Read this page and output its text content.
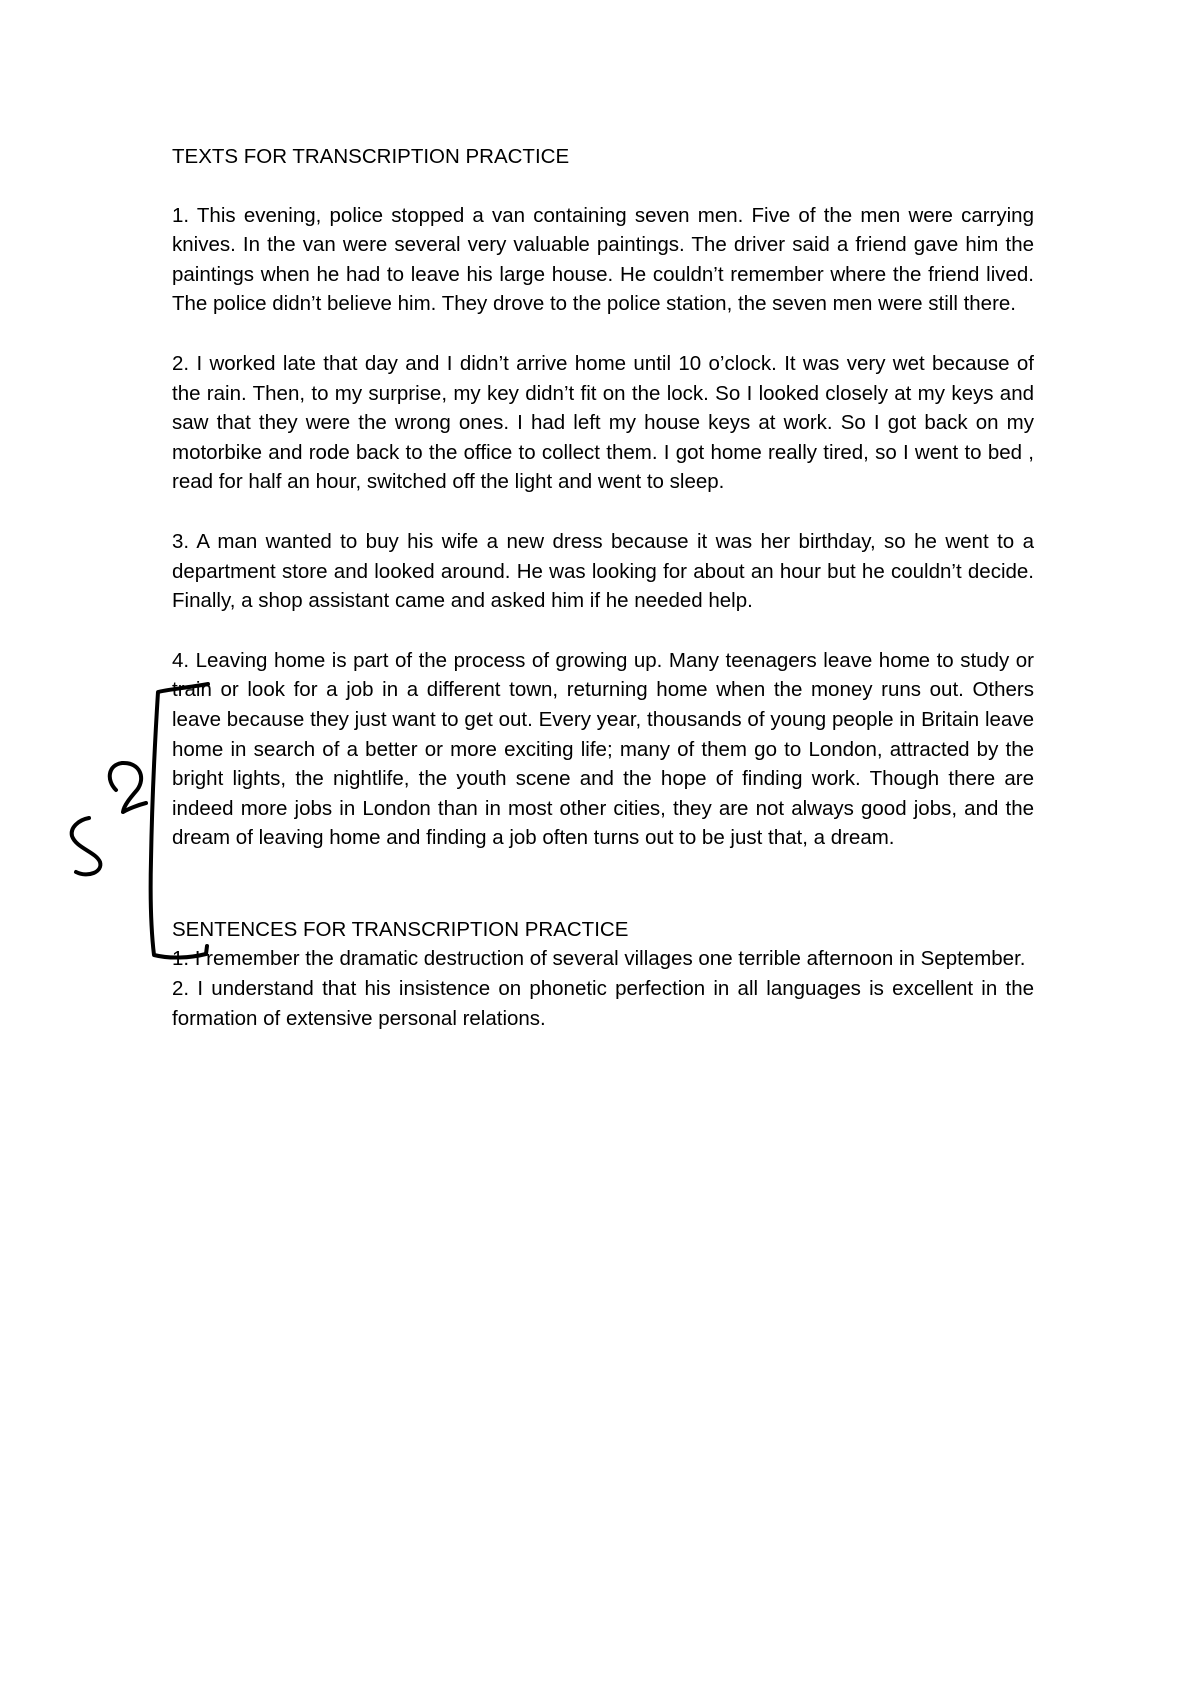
TEXTS FOR TRANSCRIPTION PRACTICE

1. This evening, police stopped a van containing seven men. Five of the men were carrying knives. In the van were several very valuable paintings. The driver said a friend gave him the paintings when he had to leave his large house. He couldn’t remember where the friend lived. The police didn’t believe him. They drove to the police station, the seven men were still there.

2. I worked late that day and I didn’t arrive home until 10 o’clock. It was very wet because of the rain. Then, to my surprise, my key didn’t fit on the lock. So I looked closely at my keys and saw that they were the wrong ones. I had left my house keys at work. So I got back on my motorbike and rode back to the office to collect them. I got home really tired, so I went to bed , read for half an hour, switched off the light and went to sleep.

3. A man wanted to buy his wife a new dress because it was her birthday, so he went to a department store and looked around. He was looking for about an hour but he couldn’t decide. Finally, a shop assistant came and asked him if he needed help.

4. Leaving home is part of the process of growing up. Many teenagers leave home to study or train or look for a job in a different town, returning home when the money runs out. Others leave because they just want to get out. Every year, thousands of young people in Britain leave home in search of a better or more exciting life; many of them go to London, attracted by the bright lights, the nightlife, the youth scene and the hope of finding work. Though there are indeed more jobs in London than in most other cities, they are not always good jobs, and the dream of leaving home and finding a job often turns out to be just that, a dream.

SENTENCES FOR TRANSCRIPTION PRACTICE

1. I remember the dramatic destruction of several villages one terrible afternoon in September.

2. I understand that his insistence on phonetic perfection in all languages is excellent in the formation of extensive personal relations.
